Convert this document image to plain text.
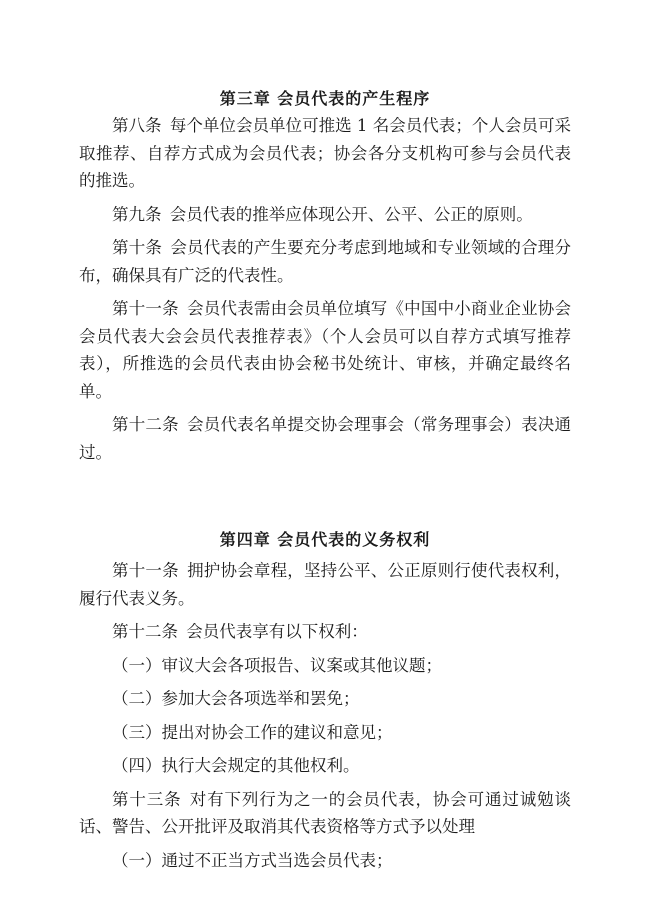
第三章 会员代表的产生程序

第八条 每个单位会员单位可推选 1 名会员代表；个人会员可采取推荐、自荐方式成为会员代表；协会各分支机构可参与会员代表的推选。

第九条 会员代表的推举应体现公开、公平、公正的原则。

第十条 会员代表的产生要充分考虑到地域和专业领域的合理分布，确保具有广泛的代表性。

第十一条 会员代表需由会员单位填写《中国中小商业企业协会会员代表大会会员代表推荐表》（个人会员可以自荐方式填写推荐表），所推选的会员代表由协会秘书处统计、审核，并确定最终名单。

第十二条 会员代表名单提交协会理事会（常务理事会）表决通过。

第四章 会员代表的义务权利

第十一条 拥护协会章程，坚持公平、公正原则行使代表权利，履行代表义务。

第十二条 会员代表享有以下权利：

（一）审议大会各项报告、议案或其他议题；

（二）参加大会各项选举和罢免；

（三）提出对协会工作的建议和意见；

（四）执行大会规定的其他权利。

第十三条 对有下列行为之一的会员代表，协会可通过诚勉谈话、警告、公开批评及取消其代表资格等方式予以处理

（一）通过不正当方式当选会员代表；
